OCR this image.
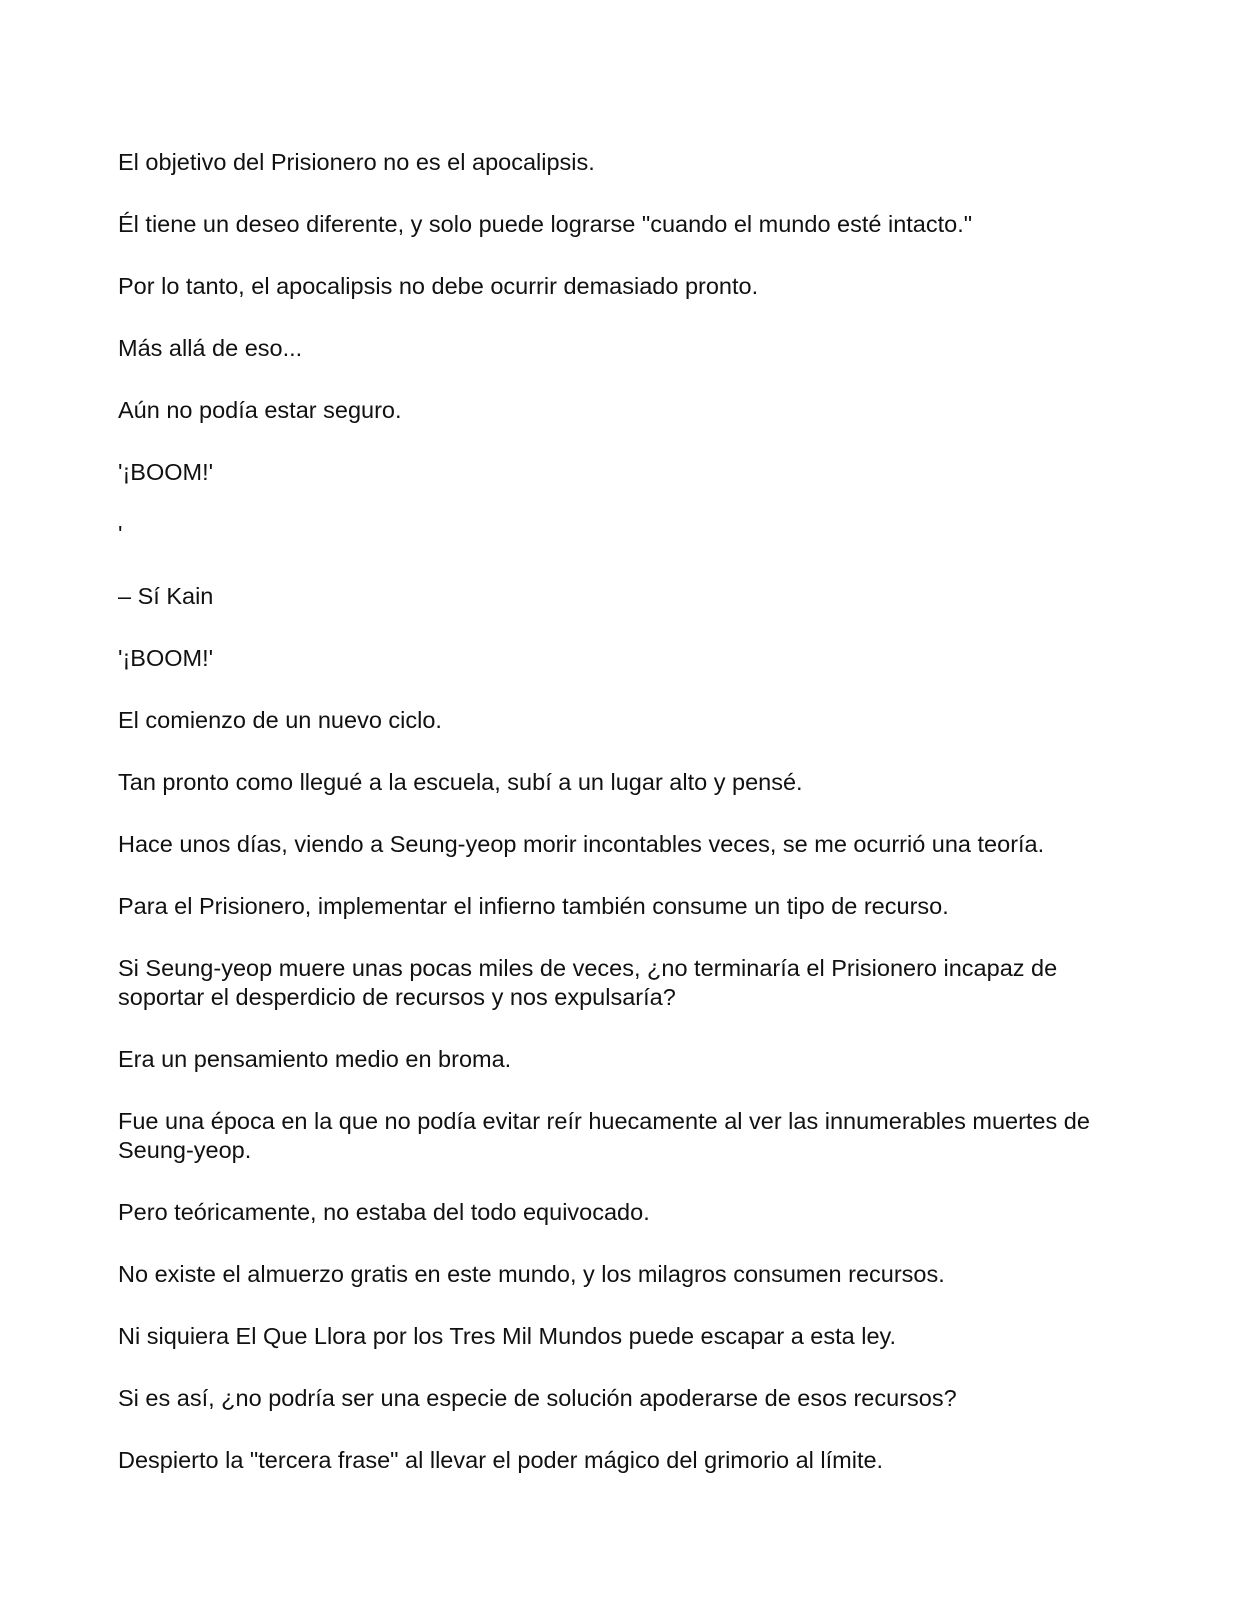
El objetivo del Prisionero no es el apocalipsis.

Él tiene un deseo diferente, y solo puede lograrse "cuando el mundo esté intacto."

Por lo tanto, el apocalipsis no debe ocurrir demasiado pronto.

Más allá de eso...

Aún no podía estar seguro.

'¡BOOM!'

'

– Sí Kain

'¡BOOM!'

El comienzo de un nuevo ciclo.

Tan pronto como llegué a la escuela, subí a un lugar alto y pensé.

Hace unos días, viendo a Seung-yeop morir incontables veces, se me ocurrió una teoría.

Para el Prisionero, implementar el infierno también consume un tipo de recurso.

Si Seung-yeop muere unas pocas miles de veces, ¿no terminaría el Prisionero incapaz de soportar el desperdicio de recursos y nos expulsaría?

Era un pensamiento medio en broma.

Fue una época en la que no podía evitar reír huecamente al ver las innumerables muertes de Seung-yeop.

Pero teóricamente, no estaba del todo equivocado.

No existe el almuerzo gratis en este mundo, y los milagros consumen recursos.

Ni siquiera El Que Llora por los Tres Mil Mundos puede escapar a esta ley.

Si es así, ¿no podría ser una especie de solución apoderarse de esos recursos?

Despierto la "tercera frase" al llevar el poder mágico del grimorio al límite.
